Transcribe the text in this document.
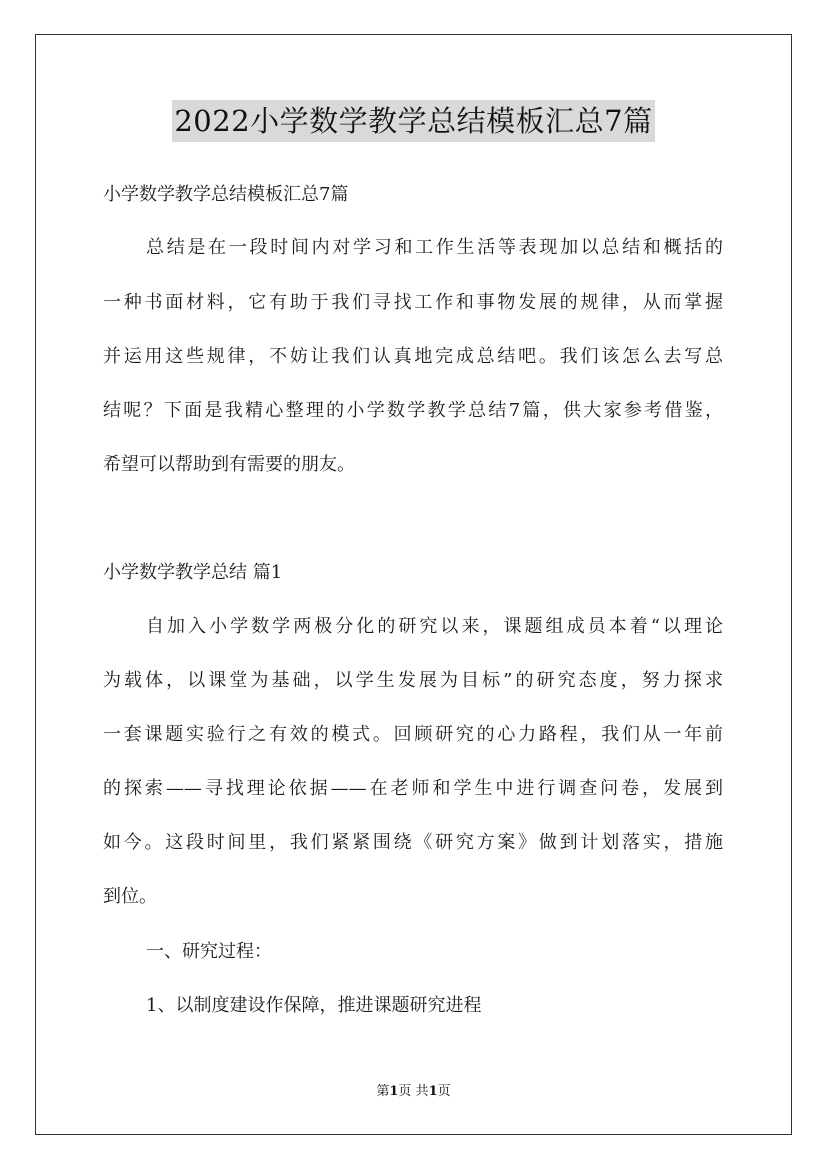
2022小学数学教学总结模板汇总7篇
小学数学教学总结模板汇总7篇
总结是在一段时间内对学习和工作生活等表现加以总结和概括的
一种书面材料，它有助于我们寻找工作和事物发展的规律，从而掌握
并运用这些规律，不妨让我们认真地完成总结吧。我们该怎么去写总
结呢？下面是我精心整理的小学数学教学总结7篇，供大家参考借鉴，
希望可以帮助到有需要的朋友。
小学数学教学总结 篇1
自加入小学数学两极分化的研究以来，课题组成员本着“以理论
为载体，以课堂为基础，以学生发展为目标”的研究态度，努力探求
一套课题实验行之有效的模式。回顾研究的心力路程，我们从一年前
的探索——寻找理论依据——在老师和学生中进行调查问卷，发展到
如今。这段时间里，我们紧紧围绕《研究方案》做到计划落实，措施
到位。
一、研究过程：
1、以制度建设作保障，推进课题研究进程
第1页 共1页
